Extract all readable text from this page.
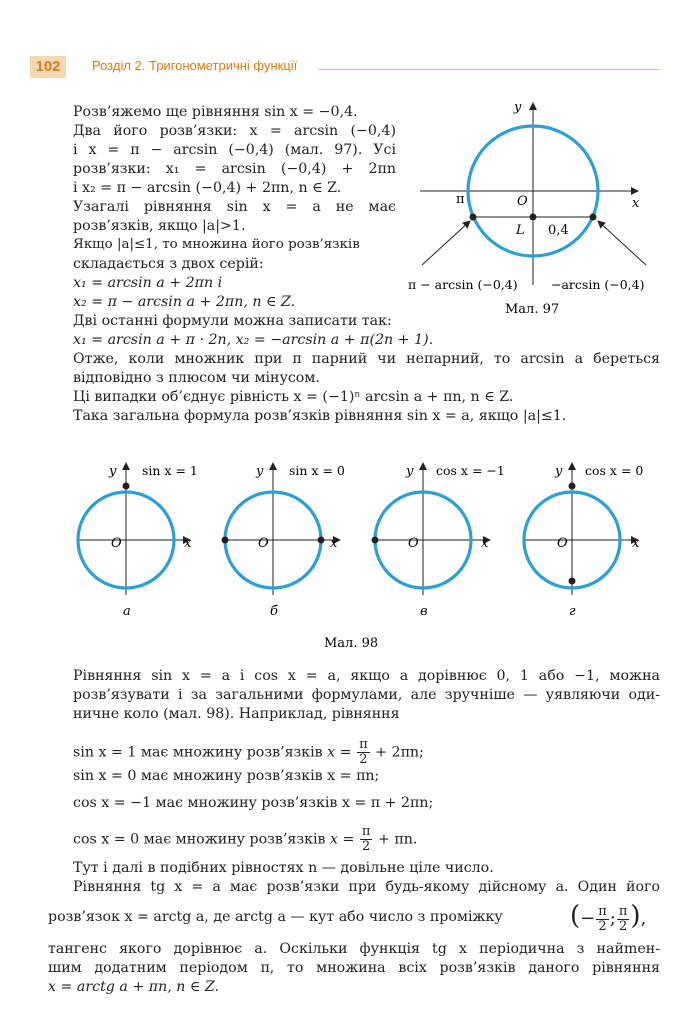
102	Розділ 2. Тригонометричні функції
Розв’яжемо ще рівняння sin x = −0,4.
Два його розв’язки: x = arcsin (−0,4)
і x = π − arcsin (−0,4) (мал. 97). Усі
розв’язки: x₁ = arcsin (−0,4) + 2πn
і x₂ = π − arcsin (−0,4) + 2πn, n ∈ Z.
Узагалі рівняння sin x = a не має
розв’язків, якщо |a|>1.
Якщо |a|≤1, то множина його розв’язків
складається з двох серій:
x₁ = arcsin a + 2πn і
x₂ = π − arcsin a + 2πn, n ∈ Z.
Дві останні формули можна записати так:
x₁ = arcsin a + π · 2n, x₂ = −arcsin a + π(2n + 1).
Отже, коли множник при π парний чи непарний, то arcsin a береться
відповідно з плюсом чи мінусом.
Ці випадки об’єднує рівність x = (−1)ⁿ arcsin a + πn, n ∈ Z.
Така загальна формула розв’язків рівняння sin x = a, якщо |a|≤1.
y
x
O
π
L 0,4
π − arcsin (−0,4)	−arcsin (−0,4)
Мал. 97
y sin x = 1
O	x
а
y sin x = 0
O	x
б
y cos x = −1
O	x
в
y cos x = 0
O	x
г
Мал. 98
Рівняння sin x = a і cos x = a, якщо a дорівнює 0, 1 або −1, можна
розв’язувати і за загальними формулами, але зручніше — уявляючи оди-
ничне коло (мал. 98). Наприклад, рівняння
sin x = 1 має множину розв’язків $x = \frac{\pi}{2} + 2\pi n$;
sin x = 0 має множину розв’язків x = πn;
cos x = −1 має множину розв’язків x = π + 2πn;
cos x = 0 має множину розв’язків $x = \frac{\pi}{2} + \pi n$.
Тут і далі в подібних рівностях n — довільне ціле число.
Рівняння tg x = a має розв’язки при будь-якому дійсному a. Один його
розв’язок x = arctg a, де arctg a — кут або число з проміжку	(− $\frac{\pi}{2}$ ; $\frac{\pi}{2}$ ),
тангенс якого дорівнює a. Оскільки функція tg x періодична з найmен-
шим додатним періодом π, то множина всіх розв’язків даного рівняння
x = arctg a + πn, n ∈ Z.
